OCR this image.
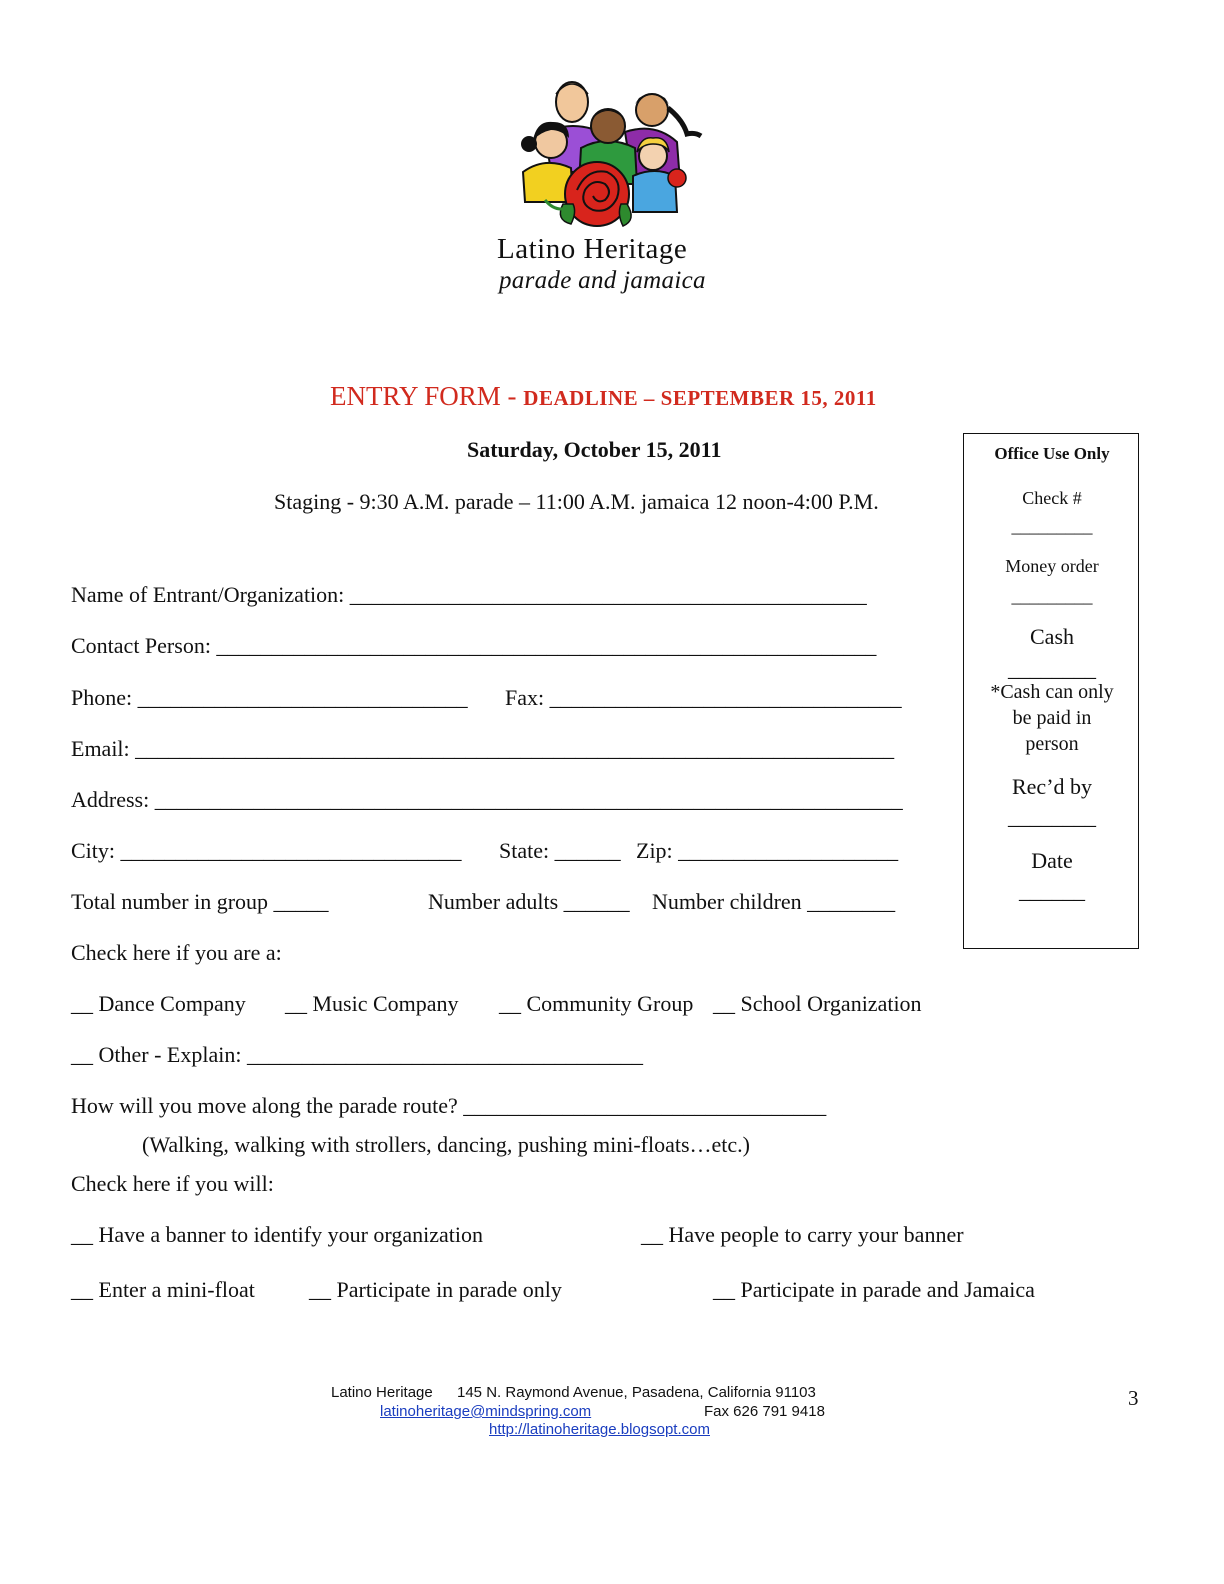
Latino Heritage
parade and jamaica
ENTRY FORM - DEADLINE – SEPTEMBER 15, 2011
Saturday, October 15, 2011
Staging - 9:30 A.M. parade – 11:00 A.M. jamaica 12 noon-4:00 P.M.
Office Use Only
Check #
_________
Money order
_________
Cash
________
*Cash can only
be paid in
person
Rec’d by
________
Date
______
Name of Entrant/Organization: _______________________________________________
Contact Person: ____________________________________________________________
Phone: ______________________________ Fax: ________________________________
Email: _____________________________________________________________________
Address: ____________________________________________________________________
City: _______________________________ State: ______ Zip: ____________________
Total number in group _____	Number adults ______ Number children ________
Check here if you are a:
__ Dance Company __ Music Company __ Community Group __ School Organization
__ Other - Explain: ____________________________________
How will you move along the parade route? _________________________________
(Walking, walking with strollers, dancing, pushing mini-floats…etc.)
Check here if you will:
__ Have a banner to identify your organization	__ Have people to carry your banner
__ Enter a mini-float __ Participate in parade only	__ Participate in parade and Jamaica
Latino Heritage 145 N. Raymond Avenue, Pasadena, California 91103
latinoheritage@mindspring.com	Fax 626 791 9418
http://latinoheritage.blogsopt.com
3
